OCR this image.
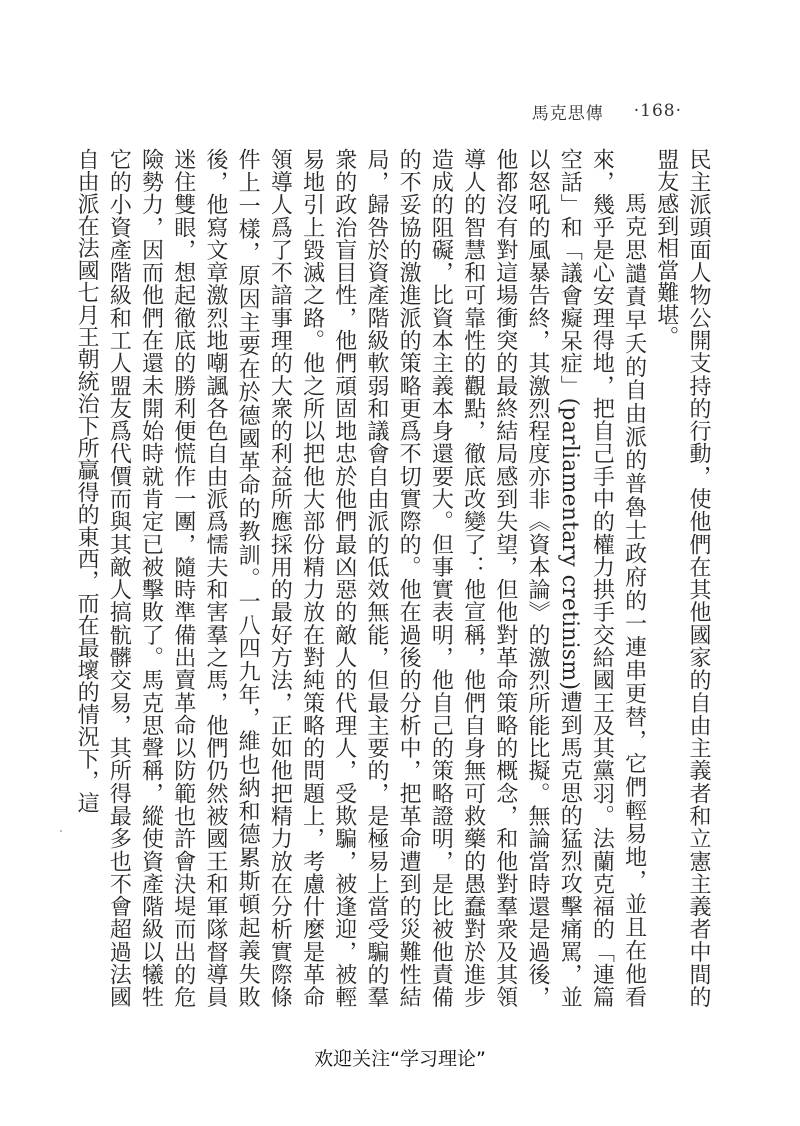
馬克思傳 ·168·

民主派頭面人物公開支持的行動，使他們在其他國家的自由主義者和立憲主義者中間的盟友感到相當難堪。

馬克思譴責早夭的自由派的普魯士政府的一連串更替，它們輕易地，並且在他看來，幾乎是心安理得地，把自己手中的權力拱手交給國王及其黨羽。法蘭克福的「連篇空話」和「議會癡呆症」(parliamentary cretinism)遭到馬克思的猛烈攻擊痛罵，並以怒吼的風暴告終，其激烈程度亦非《資本論》的激烈所能比擬。無論當時還是過後，他都沒有對這場衝突的最終結局感到失望，但他對革命策略的概念，和他對羣衆及其領導人的智慧和可靠性的觀點，徹底改變了：他宣稱，他們自身無可救藥的愚蠢對於進步造成的阻礙，比資本主義本身還要大。但事實表明，他自己的策略證明，是比被他責備的不妥協的激進派的策略更爲不切實際的。他在過後的分析中，把革命遭到的災難性結局，歸咎於資產階級軟弱和議會自由派的低效無能，但最主要的，是極易上當受騙的羣衆的政治盲目性，他們頑固地忠於他們最凶惡的敵人的代理人，受欺騙，被逢迎，被輕易地引上毀滅之路。他之所以把他大部份精力放在對純策略的問題上，考慮什麼是革命領導人爲了不諳事理的大衆的利益所應採用的最好方法，正如他把精力放在分析實際條件上一樣，原因主要在於德國革命的教訓。一八四九年，維也納和德累斯頓起義失敗後，他寫文章激烈地嘲諷各色自由派爲懦夫和害羣之馬，他們仍然被國王和軍隊督導員迷住雙眼，想起徹底的勝利便慌作一團，隨時準備出賣革命以防範也許會決堤而出的危險勢力，因而他們在還未開始時就肯定已被擊敗了。馬克思聲稱，縱使資產階級以犧牲它的小資產階級和工人盟友爲代價而與其敵人搞骯髒交易，其所得最多也不會超過法國自由派在法國七月王朝統治下所贏得的東西，而在最壞的情況下，這

欢迎关注“学习理论”
